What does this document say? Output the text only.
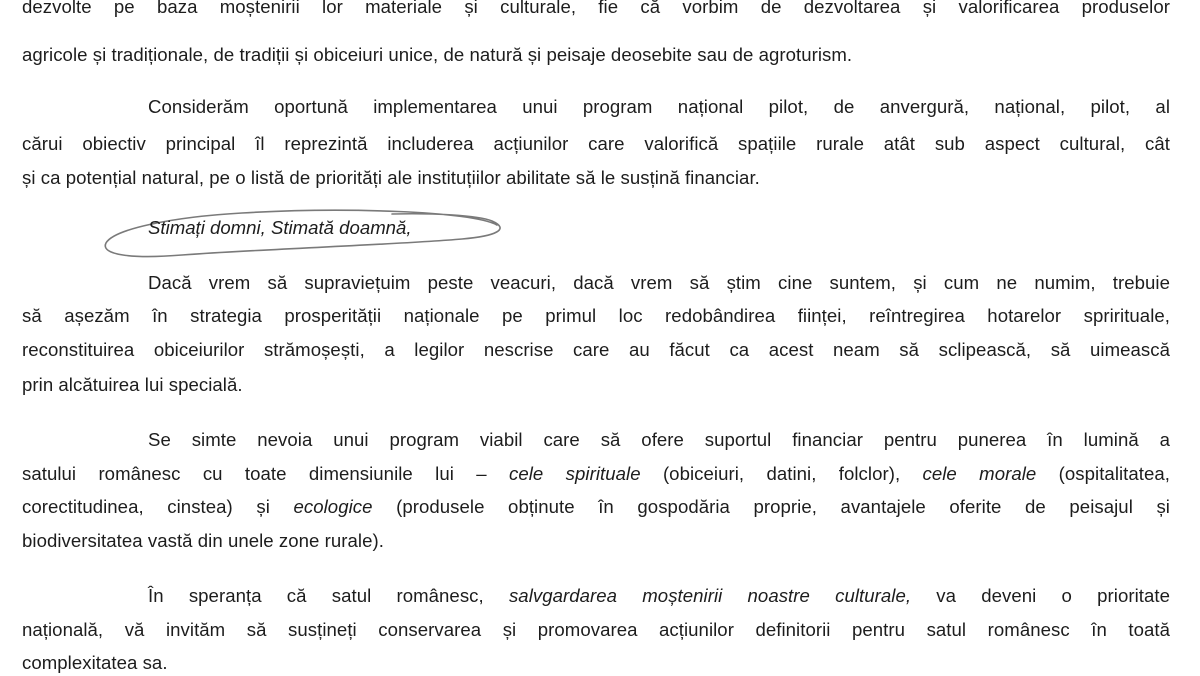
dezvolte pe baza moștenirii lor materiale și culturale, fie că vorbim de dezvoltarea și valorificarea produselor
agricole și tradiționale, de tradiții și obiceiuri unice, de natură și peisaje deosebite sau de agroturism.
Considerăm oportună implementarea unui program național pilot, de anvergură, național, pilot, al
cărui obiectiv principal îl reprezintă includerea acțiunilor care valorifică spațiile rurale atât sub aspect cultural, cât
și ca potențial natural, pe o listă de priorități ale instituțiilor abilitate să le susțină financiar.
Stimați domni, Stimată doamnă,
Dacă vrem să supraviețuim peste veacuri, dacă vrem să știm cine suntem, și cum ne numim, trebuie
să așezăm în strategia prosperității naționale pe primul loc redobândirea ființei, reîntregirea hotarelor sprirituale,
reconstituirea obiceiurilor strămoșești, a legilor nescrise care au făcut ca acest neam să sclipească, să uimească
prin alcătuirea lui specială.
Se simte nevoia unui program viabil care să ofere suportul financiar pentru punerea în lumină a
satului românesc cu toate dimensiunile lui – cele spirituale (obiceiuri, datini, folclor), cele morale (ospitalitatea,
corectitudinea, cinstea) și ecologice (produsele obținute în gospodăria proprie, avantajele oferite de peisajul și
biodiversitatea vastă din unele zone rurale).
În speranța că satul românesc, salvgardarea moștenirii noastre culturale, va deveni o prioritate
națională, vă invităm să susțineți conservarea și promovarea acțiunilor definitorii pentru satul românesc în toată
complexitatea sa.
